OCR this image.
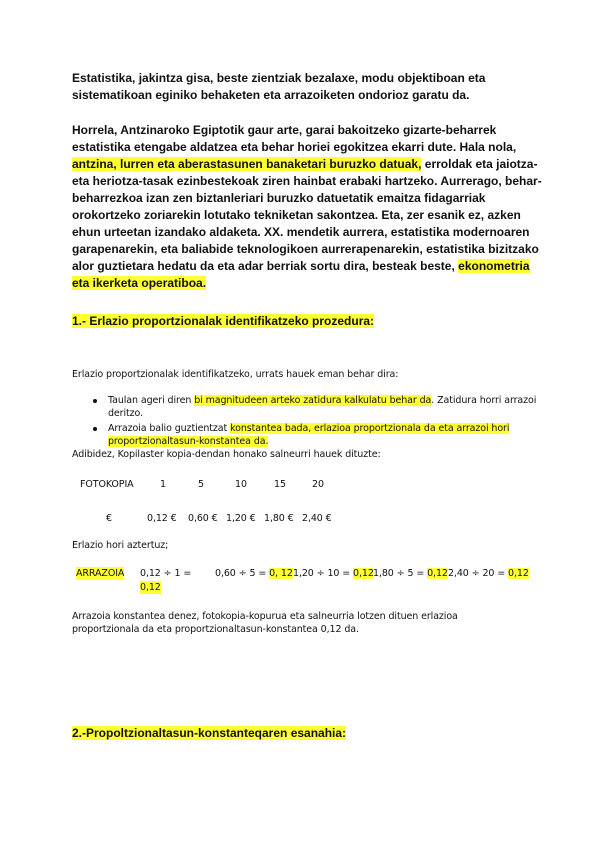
Estatistika, jakintza gisa, beste zientziak bezalaxe, modu objektiboan eta sistematikoan eginiko behaketen eta arrazoiketen ondorioz garatu da.

Horrela, Antzinaroko Egiptotik gaur arte, garai bakoitzeko gizarte-beharrek estatistika etengabe aldatzea eta behar horiei egokitzea ekarri dute. Hala nola, antzina, lurren eta aberastasunen banaketari buruzko datuak, erroldak eta jaiotza- eta heriotza-tasak ezinbestekoak ziren hainbat erabaki hartzeko. Aurrerago, behar-beharrezkoa izan zen biztanleriari buruzko datuetatik emaitza fidagarriak orokortzeko zoriarekin lotutako tekniketan sakontzea. Eta, zer esanik ez, azken ehun urteetan izandako aldaketa. XX. mendetik aurrera, estatistika modernoaren garapenarekin, eta baliabide teknologikoen aurrerapenarekin, estatistika bizitzako alor guztietara hedatu da eta adar berriak sortu dira, besteak beste, ekonometria eta ikerketa operatiboa.

1.- Erlazio proportzionalak identifikatzeko prozedura:

Erlazio proportzionalak identifikatzeko, urrats hauek eman behar dira:

Taulan ageri diren bi magnitudeen arteko zatidura kalkulatu behar da. Zatidura horri arrazoi deritzo.
Arrazoia balio guztientzat konstantea bada, erlazioa proportzionala da eta arrazoi hori proportzionaltasun-konstantea da.

Adibidez, Kopilaster kopia-dendan honako salneurri hauek dituzte:

FOTOKOPIA	1	5	10	15	20
€	0,12 € 0,60 € 1,20 € 1,80 € 2,40 €

Erlazio hori aztertuz;

ARRAZOIA 0,12 ÷ 1 =
0,12
0,60 ÷ 5 = 0, 12 1,20 ÷ 10 = 0,12 1,80 ÷ 5 = 0,12 2,40 ÷ 20 = 0,12

Arrazoia konstantea denez, fotokopia-kopurua eta salneurria lotzen dituen erlazioa proportzionala da eta proportzionaltasun-konstantea 0,12 da.

2.-Propoltzionaltasun-konstanteqaren esanahia:
